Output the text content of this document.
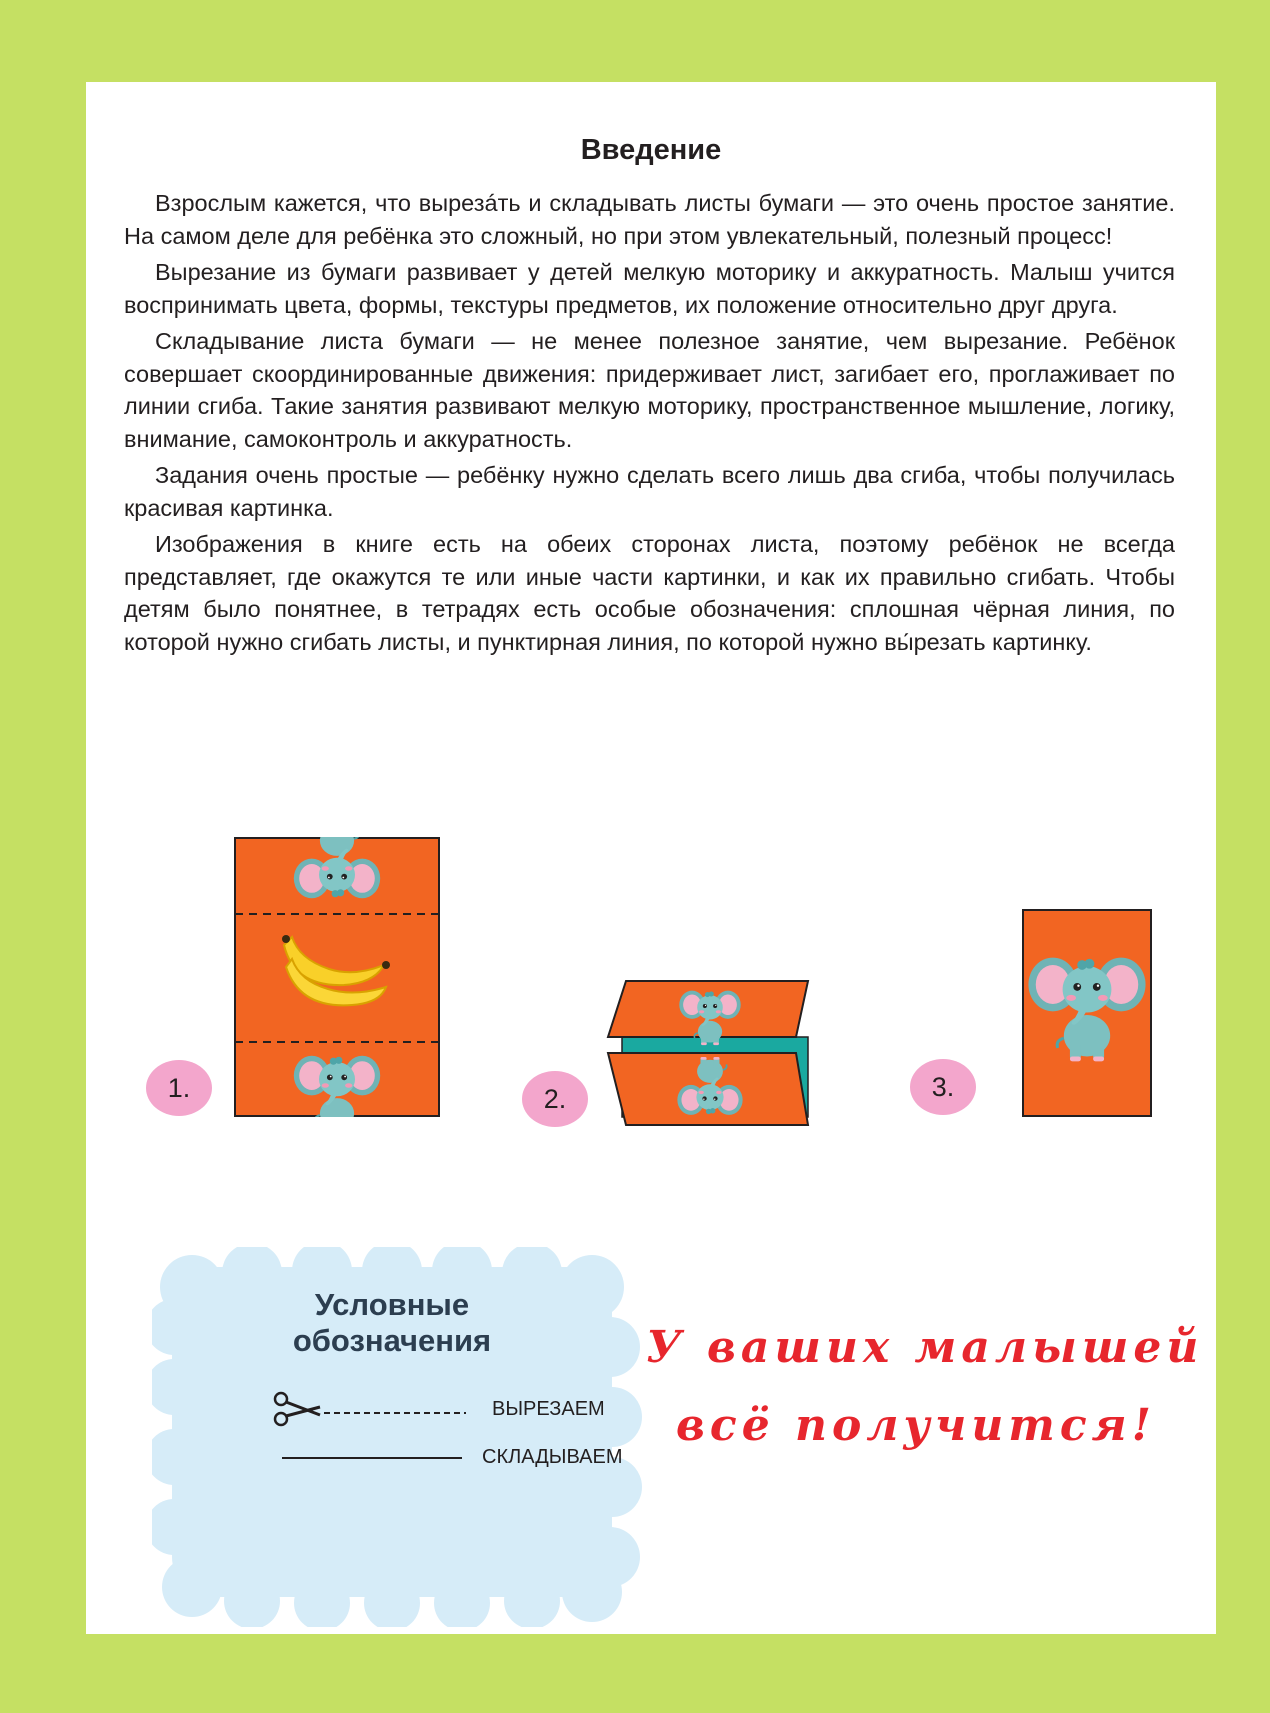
Введение

Взрослым кажется, что вырезáть и складывать листы бумаги — это очень простое занятие. На самом деле для ребёнка это сложный, но при этом увлекательный, полезный процесс!

Вырезание из бумаги развивает у детей мелкую моторику и аккуратность. Малыш учится воспринимать цвета, формы, текстуры предметов, их положение относительно друг друга.

Складывание листа бумаги — не менее полезное занятие, чем вырезание. Ребёнок совершает скоординированные движения: придерживает лист, загибает его, проглаживает по линии сгиба. Такие занятия развивают мелкую моторику, пространственное мышление, логику, внимание, самоконтроль и аккуратность.

Задания очень простые — ребёнку нужно сделать всего лишь два сгиба, чтобы получилась красивая картинка.

Изображения в книге есть на обеих сторонах листа, поэтому ребёнок не всегда представляет, где окажутся те или иные части картинки, и как их правильно сгибать. Чтобы детям было понятнее, в тетрадях есть особые обозначения: сплошная чёрная линия, по которой нужно сгибать листы, и пунктирная линия, по которой нужно вы́резать картинку.

1.	2.	3.
Условные
обозначения
ВЫРЕЗАЕМ
СКЛАДЫВАЕМ
У ваших малышей
всё получится!
